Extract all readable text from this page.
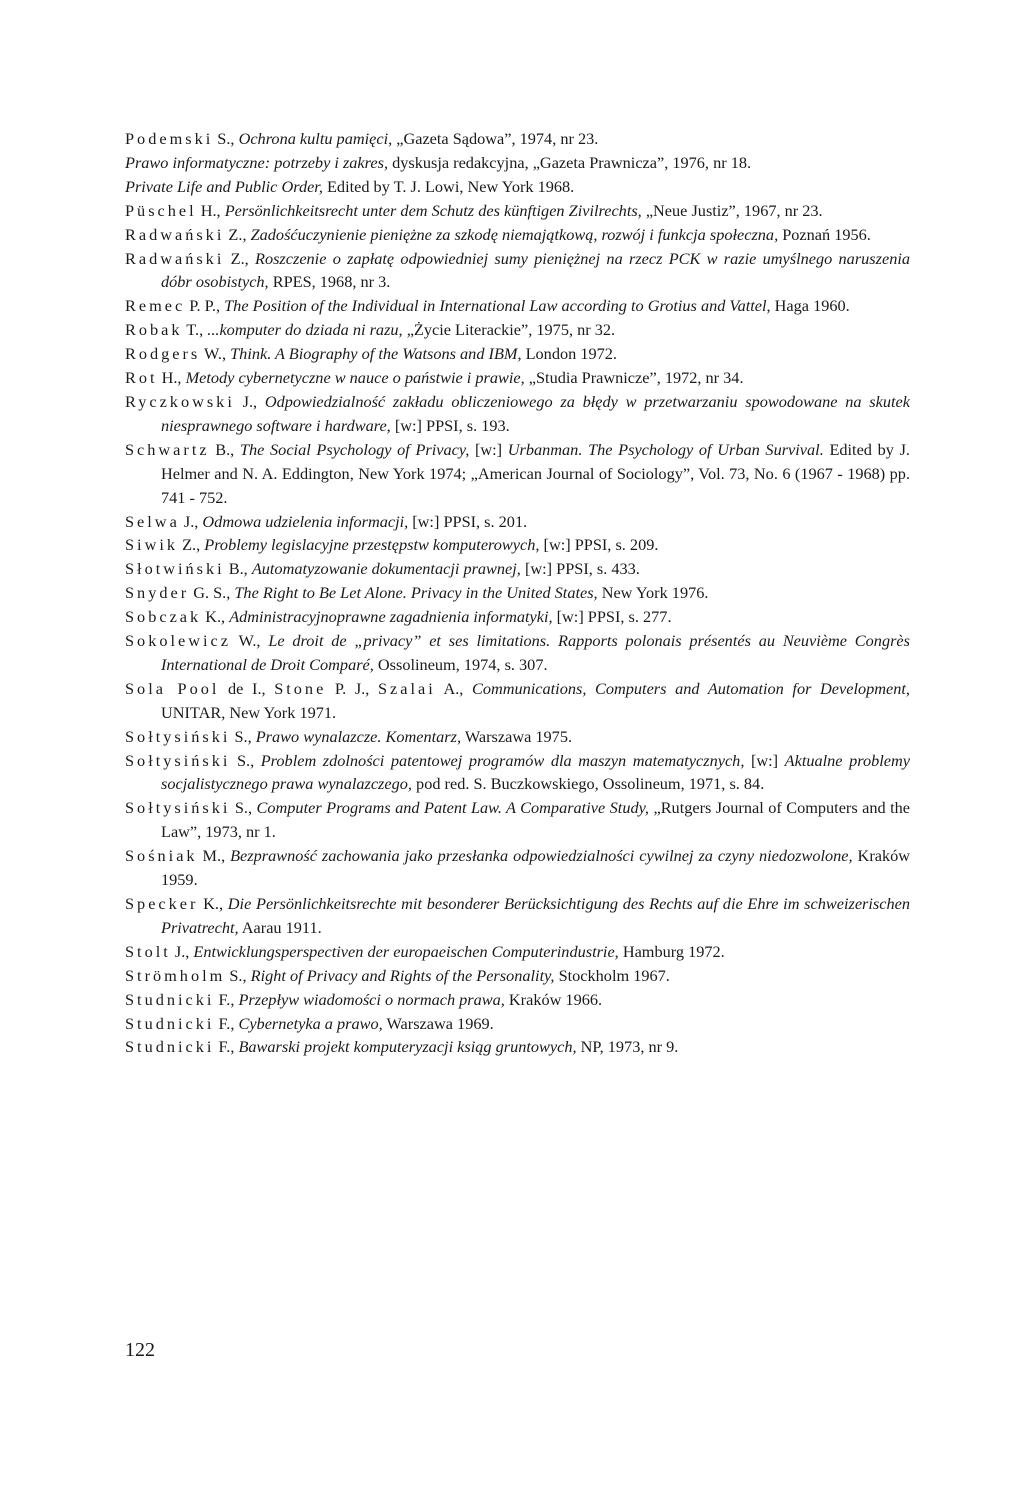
Podemski S., Ochrona kultu pamięci, „Gazeta Sądowa”, 1974, nr 23.
Prawo informatyczne: potrzeby i zakres, dyskusja redakcyjna, „Gazeta Prawnicza”, 1976, nr 18.
Private Life and Public Order, Edited by T. J. Lowi, New York 1968.
Püschel H., Persönlichkeitsrecht unter dem Schutz des künftigen Zivilrechts, „Neue Justiz”, 1967, nr 23.
Radwański Z., Zadośćuczynienie pieniężne za szkodę niemajątkową, rozwój i funkcja społeczna, Poznań 1956.
Radwański Z., Roszczenie o zapłatę odpowiedniej sumy pieniężnej na rzecz PCK w razie umyślnego naruszenia dóbr osobistych, RPES, 1968, nr 3.
Remec P. P., The Position of the Individual in International Law according to Grotius and Vattel, Haga 1960.
Robak T., ...komputer do dziada ni razu, „Życie Literackie”, 1975, nr 32.
Rodgers W., Think. A Biography of the Watsons and IBM, London 1972.
Rot H., Metody cybernetyczne w nauce o państwie i prawie, „Studia Prawnicze”, 1972, nr 34.
Ryczkowski J., Odpowiedzialność zakładu obliczeniowego za błędy w przetwarzaniu spowodowane na skutek niesprawnego software i hardware, [w:] PPSI, s. 193.
Schwartz B., The Social Psychology of Privacy, [w:] Urbanman. The Psychology of Urban Survival. Edited by J. Helmer and N. A. Eddington, New York 1974; „American Journal of Sociology”, Vol. 73, No. 6 (1967 - 1968) pp. 741 - 752.
Selwa J., Odmowa udzielenia informacji, [w:] PPSI, s. 201.
Siwik Z., Problemy legislacyjne przestępstw komputerowych, [w:] PPSI, s. 209.
Słotwiński B., Automatyzowanie dokumentacji prawnej, [w:] PPSI, s. 433.
Snyder G. S., The Right to Be Let Alone. Privacy in the United States, New York 1976.
Sobczak K., Administracyjnoprawne zagadnienia informatyki, [w:] PPSI, s. 277.
Sokolewicz W., Le droit de „privacy” et ses limitations. Rapports polonais présentés au Neuvième Congrès International de Droit Comparé, Ossolineum, 1974, s. 307.
Sola Pool de I., Stone P. J., Szalai A., Communications, Computers and Automation for Development, UNITAR, New York 1971.
Sołtysiński S., Prawo wynalazcze. Komentarz, Warszawa 1975.
Sołtysiński S., Problem zdolności patentowej programów dla maszyn matematycznych, [w:] Aktualne problemy socjalistycznego prawa wynalazczego, pod red. S. Buczkowskiego, Ossolineum, 1971, s. 84.
Sołtysiński S., Computer Programs and Patent Law. A Comparative Study, „Rutgers Journal of Computers and the Law”, 1973, nr 1.
Sośniak M., Bezprawność zachowania jako przesłanka odpowiedzialności cywilnej za czyny niedozwolone, Kraków 1959.
Specker K., Die Persönlichkeitsrechte mit besonderer Berücksichtigung des Rechts auf die Ehre im schweizerischen Privatrecht, Aarau 1911.
Stolt J., Entwicklungsperspectiven der europaeischen Computerindustrie, Hamburg 1972.
Strömholm S., Right of Privacy and Rights of the Personality, Stockholm 1967.
Studnicki F., Przepływ wiadomości o normach prawa, Kraków 1966.
Studnicki F., Cybernetyka a prawo, Warszawa 1969.
Studnicki F., Bawarski projekt komputeryzacji ksiąg gruntowych, NP, 1973, nr 9.
122
